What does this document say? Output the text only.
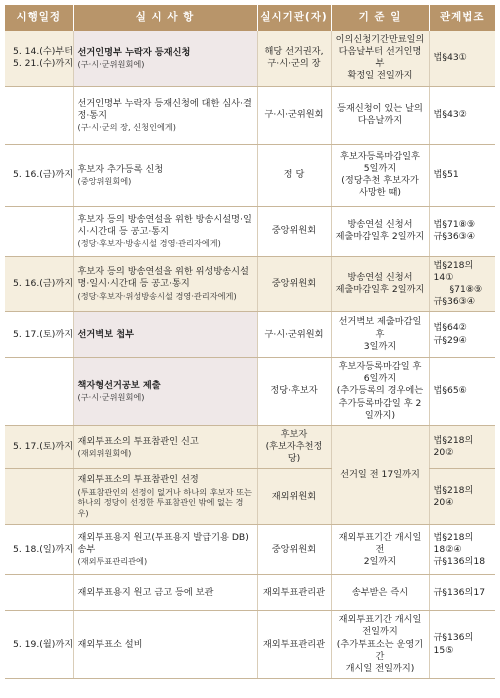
시행일정	실 시 사 항	실시기관(자)	기 준 일	관계법조

5. 14.(수)부터
5. 21.(수)까지	선거인명부 누락자 등재신청
(구·시·군위원회에)	해당 선거권자,
구·시·군의 장	이의신청기간만료일의
다음날부터 선거인명부
확정일 전일까지	법§43①

	선거인명부 누락자 등재신청에 대한 심사·결정·통지
(구·시·군의 장, 신청인에게)	구·시·군위원회	등재신청이 있는 날의
다음날까지	법§43②

5. 16.(금)까지	후보자 추가등록 신청
(중앙위원회에)	정 당	후보자등록마감일후
5일까지
(정당추천 후보자가
사망한 때)	법§51

	후보자 등의 방송연설을 위한 방송시설명·일시·시간대 등 공고·통지
(정당·후보자·방송시설 경영·관리자에게)	중앙위원회	방송연설 신청서
제출마감일후 2일까지	법§71⑧⑨
규§36③④

5. 16.(금)까지	후보자 등의 방송연설을 위한 위성방송시설명·일시·시간대 등 공고·통지
(정당·후보자·위성방송시설 경영·관리자에게)	중앙위원회	방송연설 신청서
제출마감일후 2일까지	법§218의14①
§71⑧⑨
규§36③④

5. 17.(토)까지	선거벽보 첩부	구·시·군위원회	선거벽보 제출마감일 후
3일까지	법§64②
규§29④

	책자형선거공보 제출
(구·시·군위원회에)	정당·후보자	후보자등록마감일 후
6일까지
(추가등록의 경우에는
추가등록마감일 후 2일까지)	법§65⑥

5. 17.(토)까지	재외투표소의 투표참관인 신고
(재외위원회에)	후보자
(후보자추천정당)	선거일 전 17일까지	법§218의20②

	재외투표소의 투표참관인 선정
(투표참관인의 선정이 없거나 하나의 후보자 또는 하나의 정당이 선정한 투표참관인 밖에 없는 경우)	재외위원회		법§218의20④

5. 18.(일)까지	재외투표용지 원고(투표용지 발급기용 DB) 송부
(재외투표관리관에)	중앙위원회	재외투표기간 개시일전
2일까지	법§218의18②④
규§136의18

	재외투표용지 원고 금고 등에 보관	재외투표관리관	송부받은 즉시	규§136의17

5. 19.(월)까지	재외투표소 설비	재외투표관리관	재외투표기간 개시일
전일까지
(추가투표소는 운영기간
개시일 전일까지)	규§136의15⑤
